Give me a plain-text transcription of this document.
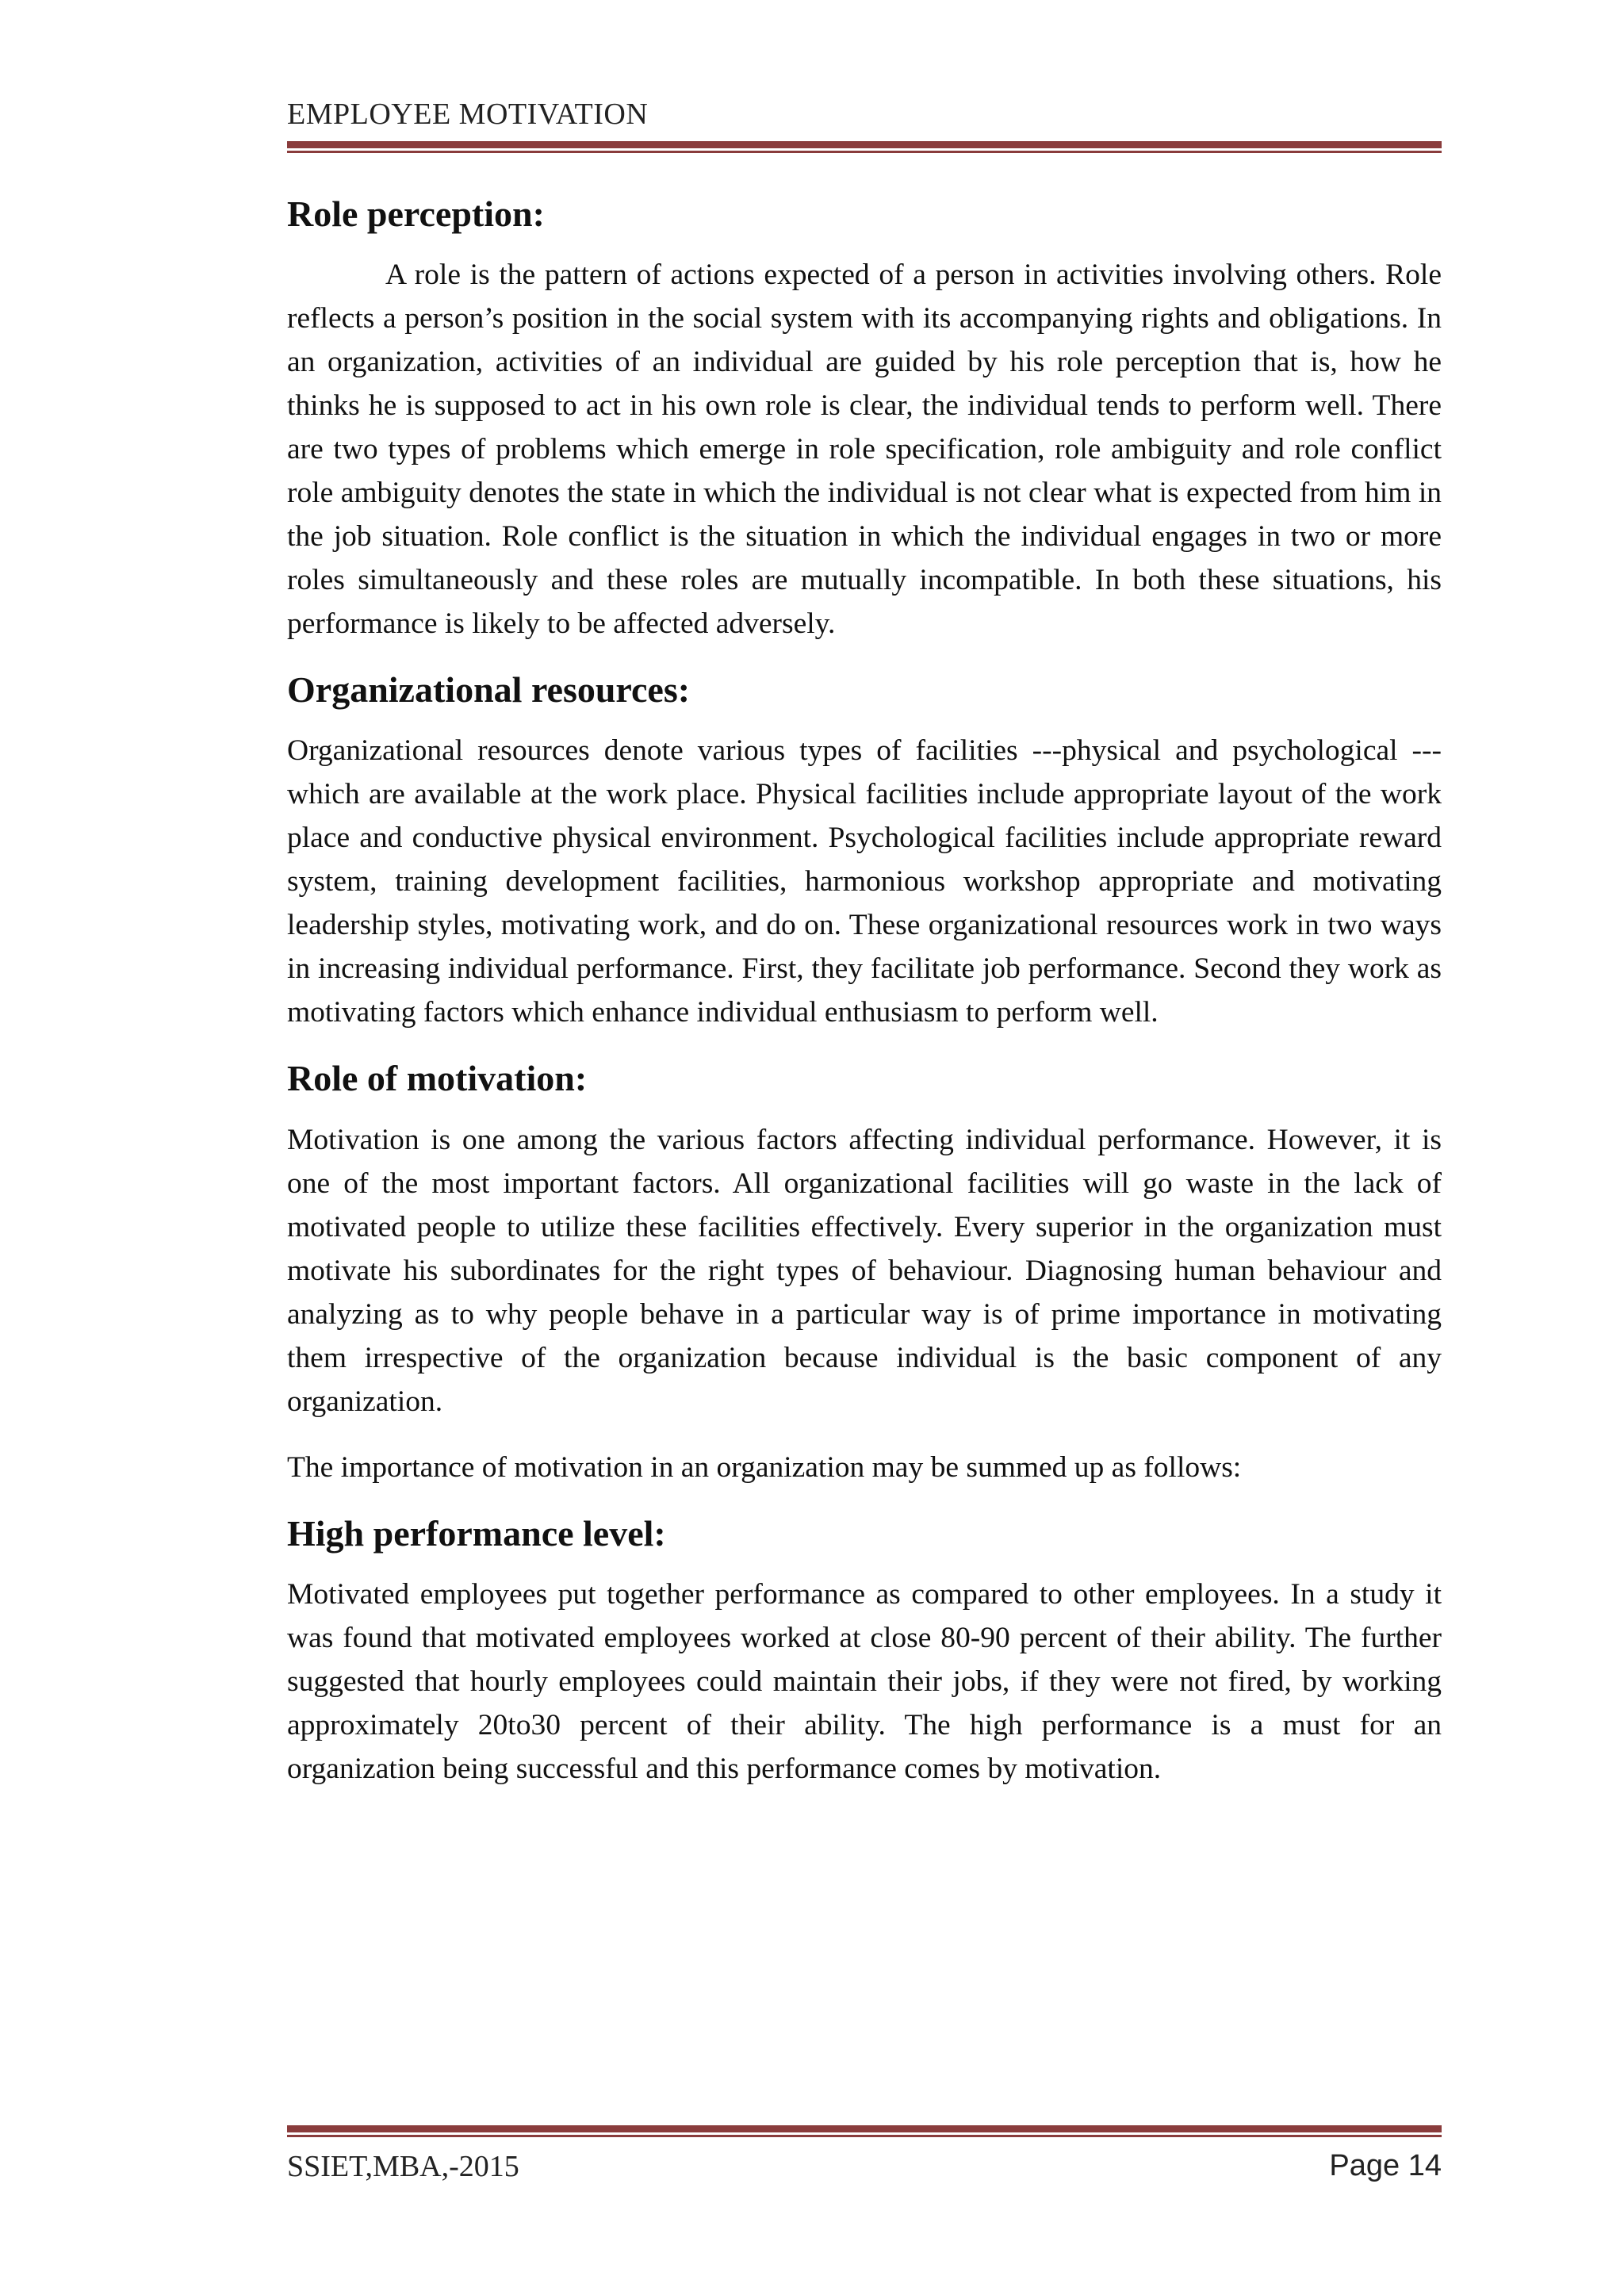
EMPLOYEE MOTIVATION
Role perception:

A role is the pattern of actions expected of a person in activities involving others. Role reflects a person’s position in the social system with its accompanying rights and obligations. In an organization, activities of an individual are guided by his role perception that is, how he thinks he is supposed to act in his own role is clear, the individual tends to perform well. There are two types of problems which emerge in role specification, role ambiguity and role conflict role ambiguity denotes the state in which the individual is not clear what is expected from him in the job situation. Role conflict is the situation in which the individual engages in two or more roles simultaneously and these roles are mutually incompatible. In both these situations, his performance is likely to be affected adversely.

Organizational resources:

Organizational resources denote various types of facilities ---physical and psychological ---which are available at the work place. Physical facilities include appropriate layout of the work place and conductive physical environment. Psychological facilities include appropriate reward system, training development facilities, harmonious workshop appropriate and motivating leadership styles, motivating work, and do on. These organizational resources work in two ways in increasing individual performance. First, they facilitate job performance. Second they work as motivating factors which enhance individual enthusiasm to perform well.

Role of motivation:

Motivation is one among the various factors affecting individual performance. However, it is one of the most important factors. All organizational facilities will go waste in the lack of motivated people to utilize these facilities effectively. Every superior in the organization must motivate his subordinates for the right types of behaviour. Diagnosing human behaviour and analyzing as to why people behave in a particular way is of prime importance in motivating them irrespective of the organization because individual is the basic component of any organization.

The importance of motivation in an organization may be summed up as follows:

High performance level:

Motivated employees put together performance as compared to other employees. In a study it was found that motivated employees worked at close 80-90 percent of their ability. The further suggested that hourly employees could maintain their jobs, if they were not fired, by working approximately 20to30 percent of their ability. The high performance is a must for an organization being successful and this performance comes by motivation.

SSIET,MBA,-2015	Page 14
